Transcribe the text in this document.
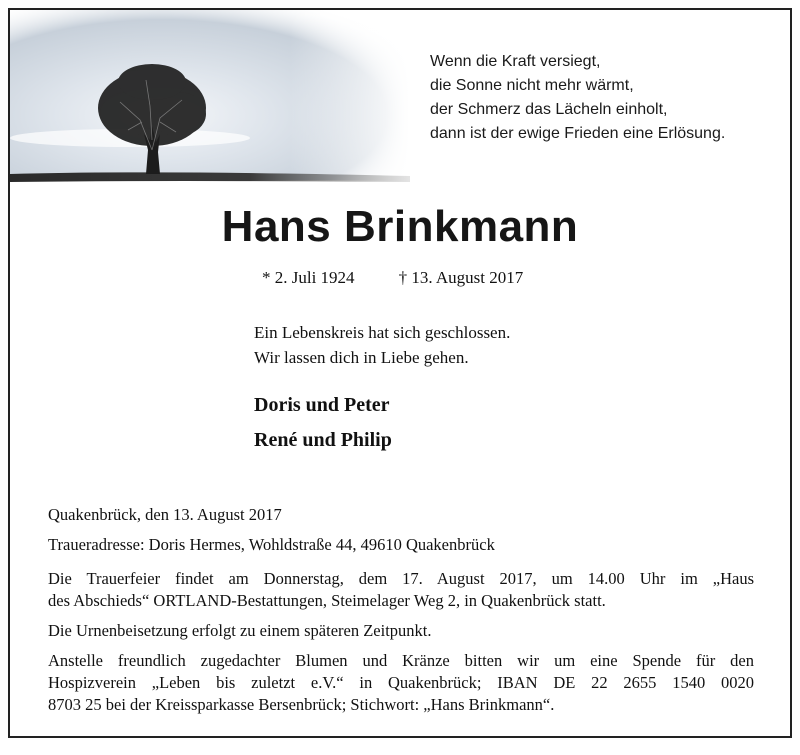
Wenn die Kraft versiegt,
die Sonne nicht mehr wärmt,
der Schmerz das Lächeln einholt,
dann ist der ewige Frieden eine Erlösung.
Hans Brinkmann
* 2. Juli 1924	† 13. August 2017
Ein Lebenskreis hat sich geschlossen.
Wir lassen dich in Liebe gehen.
Doris und Peter
René und Philip

Quakenbrück, den 13. August 2017

Traueradresse: Doris Hermes, Wohldstraße 44, 49610 Quakenbrück

Die Trauerfeier findet am Donnerstag, dem 17. August 2017, um 14.00 Uhr im „Haus
des Abschieds“ ORTLAND-Bestattungen, Steimelager Weg 2, in Quakenbrück statt.

Die Urnenbeisetzung erfolgt zu einem späteren Zeitpunkt.

Anstelle freundlich zugedachter Blumen und Kränze bitten wir um eine Spende für den
Hospizverein „Leben bis zuletzt e.V.“ in Quakenbrück; IBAN DE 22 2655 1540 0020
8703 25 bei der Kreissparkasse Bersenbrück; Stichwort: „Hans Brinkmann“.
